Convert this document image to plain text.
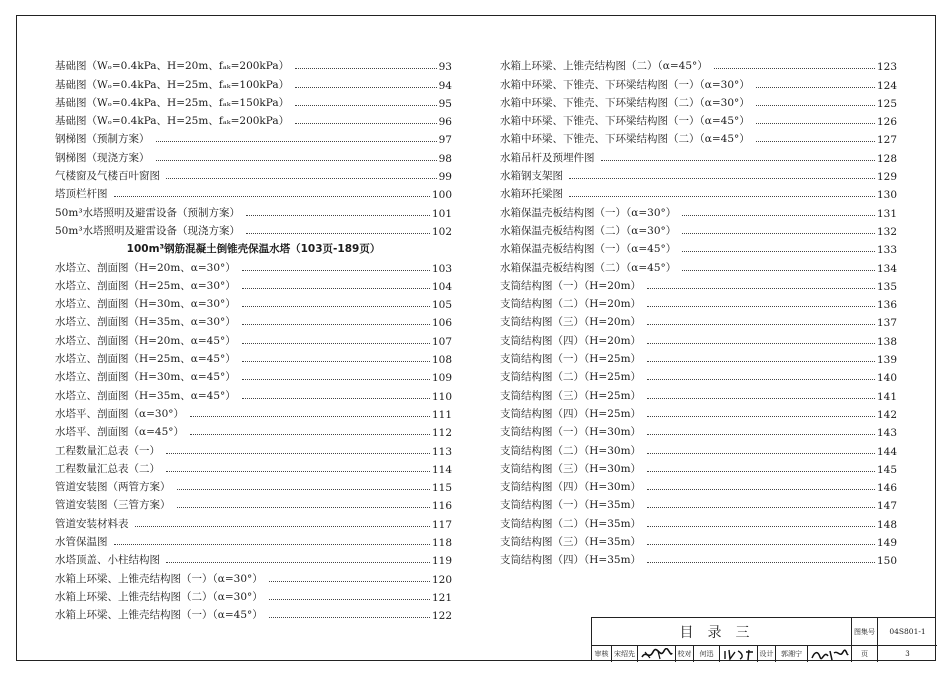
基础图（Wₒ=0.4kPa、H=20m、fₐₖ=200kPa）	93
基础图（Wₒ=0.4kPa、H=25m、fₐₖ=100kPa）	94
基础图（Wₒ=0.4kPa、H=25m、fₐₖ=150kPa）	95
基础图（Wₒ=0.4kPa、H=25m、fₐₖ=200kPa）	96
钢梯图（预制方案）	97
钢梯图（现浇方案）	98
气楼窗及气楼百叶窗图	99
塔顶栏杆图	100
50m³水塔照明及避雷设备（预制方案）	101
50m³水塔照明及避雷设备（现浇方案）	102
100m³钢筋混凝土倒锥壳保温水塔（103页-189页）
水塔立、剖面图（H=20m、α=30°）	103
水塔立、剖面图（H=25m、α=30°）	104
水塔立、剖面图（H=30m、α=30°）	105
水塔立、剖面图（H=35m、α=30°）	106
水塔立、剖面图（H=20m、α=45°）	107
水塔立、剖面图（H=25m、α=45°）	108
水塔立、剖面图（H=30m、α=45°）	109
水塔立、剖面图（H=35m、α=45°）	110
水塔平、剖面图（α=30°）	111
水塔平、剖面图（α=45°）	112
工程数量汇总表（一）	113
工程数量汇总表（二）	114
管道安装图（两管方案）	115
管道安装图（三管方案）	116
管道安装材料表	117
水管保温图	118
水塔顶盖、小柱结构图	119
水箱上环梁、上锥壳结构图（一）（α=30°）	120
水箱上环梁、上锥壳结构图（二）（α=30°）	121
水箱上环梁、上锥壳结构图（一）（α=45°）	122
水箱上环梁、上锥壳结构图（二）（α=45°）	123
水箱中环梁、下锥壳、下环梁结构图（一）（α=30°）	124
水箱中环梁、下锥壳、下环梁结构图（二）（α=30°）	125
水箱中环梁、下锥壳、下环梁结构图（一）（α=45°）	126
水箱中环梁、下锥壳、下环梁结构图（二）（α=45°）	127
水箱吊杆及预埋件图	128
水箱钢支架图	129
水箱环托梁图	130
水箱保温壳板结构图（一）（α=30°）	131
水箱保温壳板结构图（二）（α=30°）	132
水箱保温壳板结构图（一）（α=45°）	133
水箱保温壳板结构图（二）（α=45°）	134
支筒结构图（一）（H=20m）	135
支筒结构图（二）（H=20m）	136
支筒结构图（三）（H=20m）	137
支筒结构图（四）（H=20m）	138
支筒结构图（一）（H=25m）	139
支筒结构图（二）（H=25m）	140
支筒结构图（三）（H=25m）	141
支筒结构图（四）（H=25m）	142
支筒结构图（一）（H=30m）	143
支筒结构图（二）（H=30m）	144
支筒结构图（三）（H=30m）	145
支筒结构图（四）（H=30m）	146
支筒结构图（一）（H=35m）	147
支筒结构图（二）（H=35m）	148
支筒结构图（三）（H=35m）	149
支筒结构图（四）（H=35m）	150
目录三	图集号	04S801-1
审核 宋绍先	校对	何迅	设计	郭湘宁	页	3
